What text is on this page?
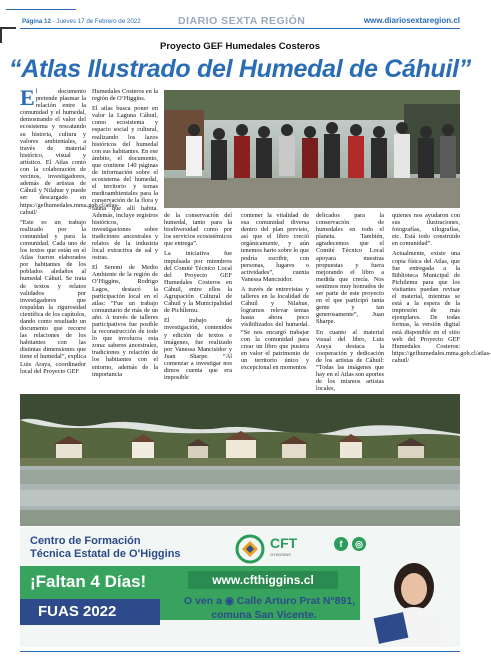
Página 12 - Jueves 17 de Febrero de 2022	DIARIO SEXTA REGIÓN	www.diariosextaregion.cl
Proyecto GEF Humedales Costeros
“Atlas Ilustrado del Humedal de Cáhuil”

El documento pretende plasmar la relación entre la comunidad y el humedal, demostrando el valor del ecosistema y rescatando su historia, cultura y valores ambientales, a través de material histórico, visual y artístico. El Atlas contó con la colaboración de vecinos, investigadores, además de artistas de Cáhuil y Nilahue y puede ser descargado en https://gefhumedales.mma.gob.cl/atlas-cahuil/

“Este es un trabajo realizado por la comunidad y para la comunidad. Cada uno de los textos que están en el Atlas fueron elaborados por habitantes de los poblados aledaños al humedal Cáhuil. Se trata de textos y relatos validados por investigadores que respaldan la rigurosidad científica de los capítulos, dando como resultado un documento que recorre las relaciones de los habitantes con las distintas dimensiones que tiene el humedal”, explica Luis Araya, coordinador local del Proyecto GEF

Humedales Costeros en la región de O’Higgins.

El atlas busca poner en valor la Laguna Cáhuil, como ecosistema y espacio social y cultural, realizando los lazos históricos del humedal con sus habitantes. En ese ámbito, el documento, que contiene 140 páginas de información sobre el ecosistema del humedal, el territorio y temas medioambientales para la conservación de la flora y fauna que allí habita. Además, incluye registros históricos, investigaciones sobre tradiciones ancestrales y relatos de la industria local extractiva de sal y ostras.

El Seremi de Medio Ambiente de la región de O’Higgins, Rodrigo Lagos, destacó la participación local en el atlas: “Fue un trabajo comunitario de más de un año. A través de talleres participativos fue posible la reconstrucción de todo lo que involucra esta zona: saberes ancestrales, tradiciones y relación de los habitantes con el entorno, además de la importancia

de la conservación del humedal, tanto para la biodiversidad como por los servicios ecosistémicos que entrega”.

La iniciativa fue impulsada por miembros del Comité Técnico Local del Proyecto GEF Humedales Costeros en Cáhuil, entre ellos la Agrupación Cultural de Cáhuil y la Municipalidad de Pichilemu.

El trabajo de investigación, contenidos y edición de textos e imágenes, fue realizado por Vanessa Mancisidor y Juan Sharpe. “Al comenzar a investigar nos dimos cuenta que era imposible

contener la vitalidad de esa comunidad diversa dentro del plan previsto, así que el libro creció orgánicamente, y aún tenemos harto sobre lo que podría escribir, con personas, lugares o actividades”, cuenta Vanessa Mancisidor.

A través de entrevistas y talleres en la localidad de Cáhuil y Nilahue, logramos relevar temas hasta ahora poco visibilizados del humedal. “Se nos encargó trabajar con la comunidad para crear un libro que pusiera en valor el patrimonio de un territorio único y excepcional en momentos

delicados para la conservación de humedales en todo el planeta. También, agradecemos que el Comité Técnico Local apoyara nuestras propuestas y fuera mejorando el libro a medida que crecía. Nos sentimos muy honrados de ser parte de este proyecto en el que participó tanta gente y tan generosamente”, Juan Sharpe.

En cuanto al material visual del libro, Luis Araya destaca la cooperación y dedicación de los artistas de Cáhuil: “Todas las imágenes que hay en el Atlas son aportes de los mismos artistas locales,

quienes nos ayudaron con sus ilustraciones, fotografías, xilografías, etc. Está todo construido en comunidad”.

Actualmente, existe una copia física del Atlas, que fue entregada a la Biblioteca Municipal de Pichilemu para que los visitantes puedan revisar el material, mientras se está a la espera de la impresión de más ejemplares. De todas formas, la versión digital está disponible en el sitio web del Proyecto GEF Humedales Costeros: https://gefhumedales.mma.gob.cl/atlas-cahuil/

Centro de Formación
Técnica Estatal de O'Higgins
CFT
O'HIGGINS
f	◎
¡Faltan 4 Días!
FUAS 2022
www.cfthiggins.cl
O ven a ◉ Calle Arturo Prat N°891,
comuna San Vicente.
